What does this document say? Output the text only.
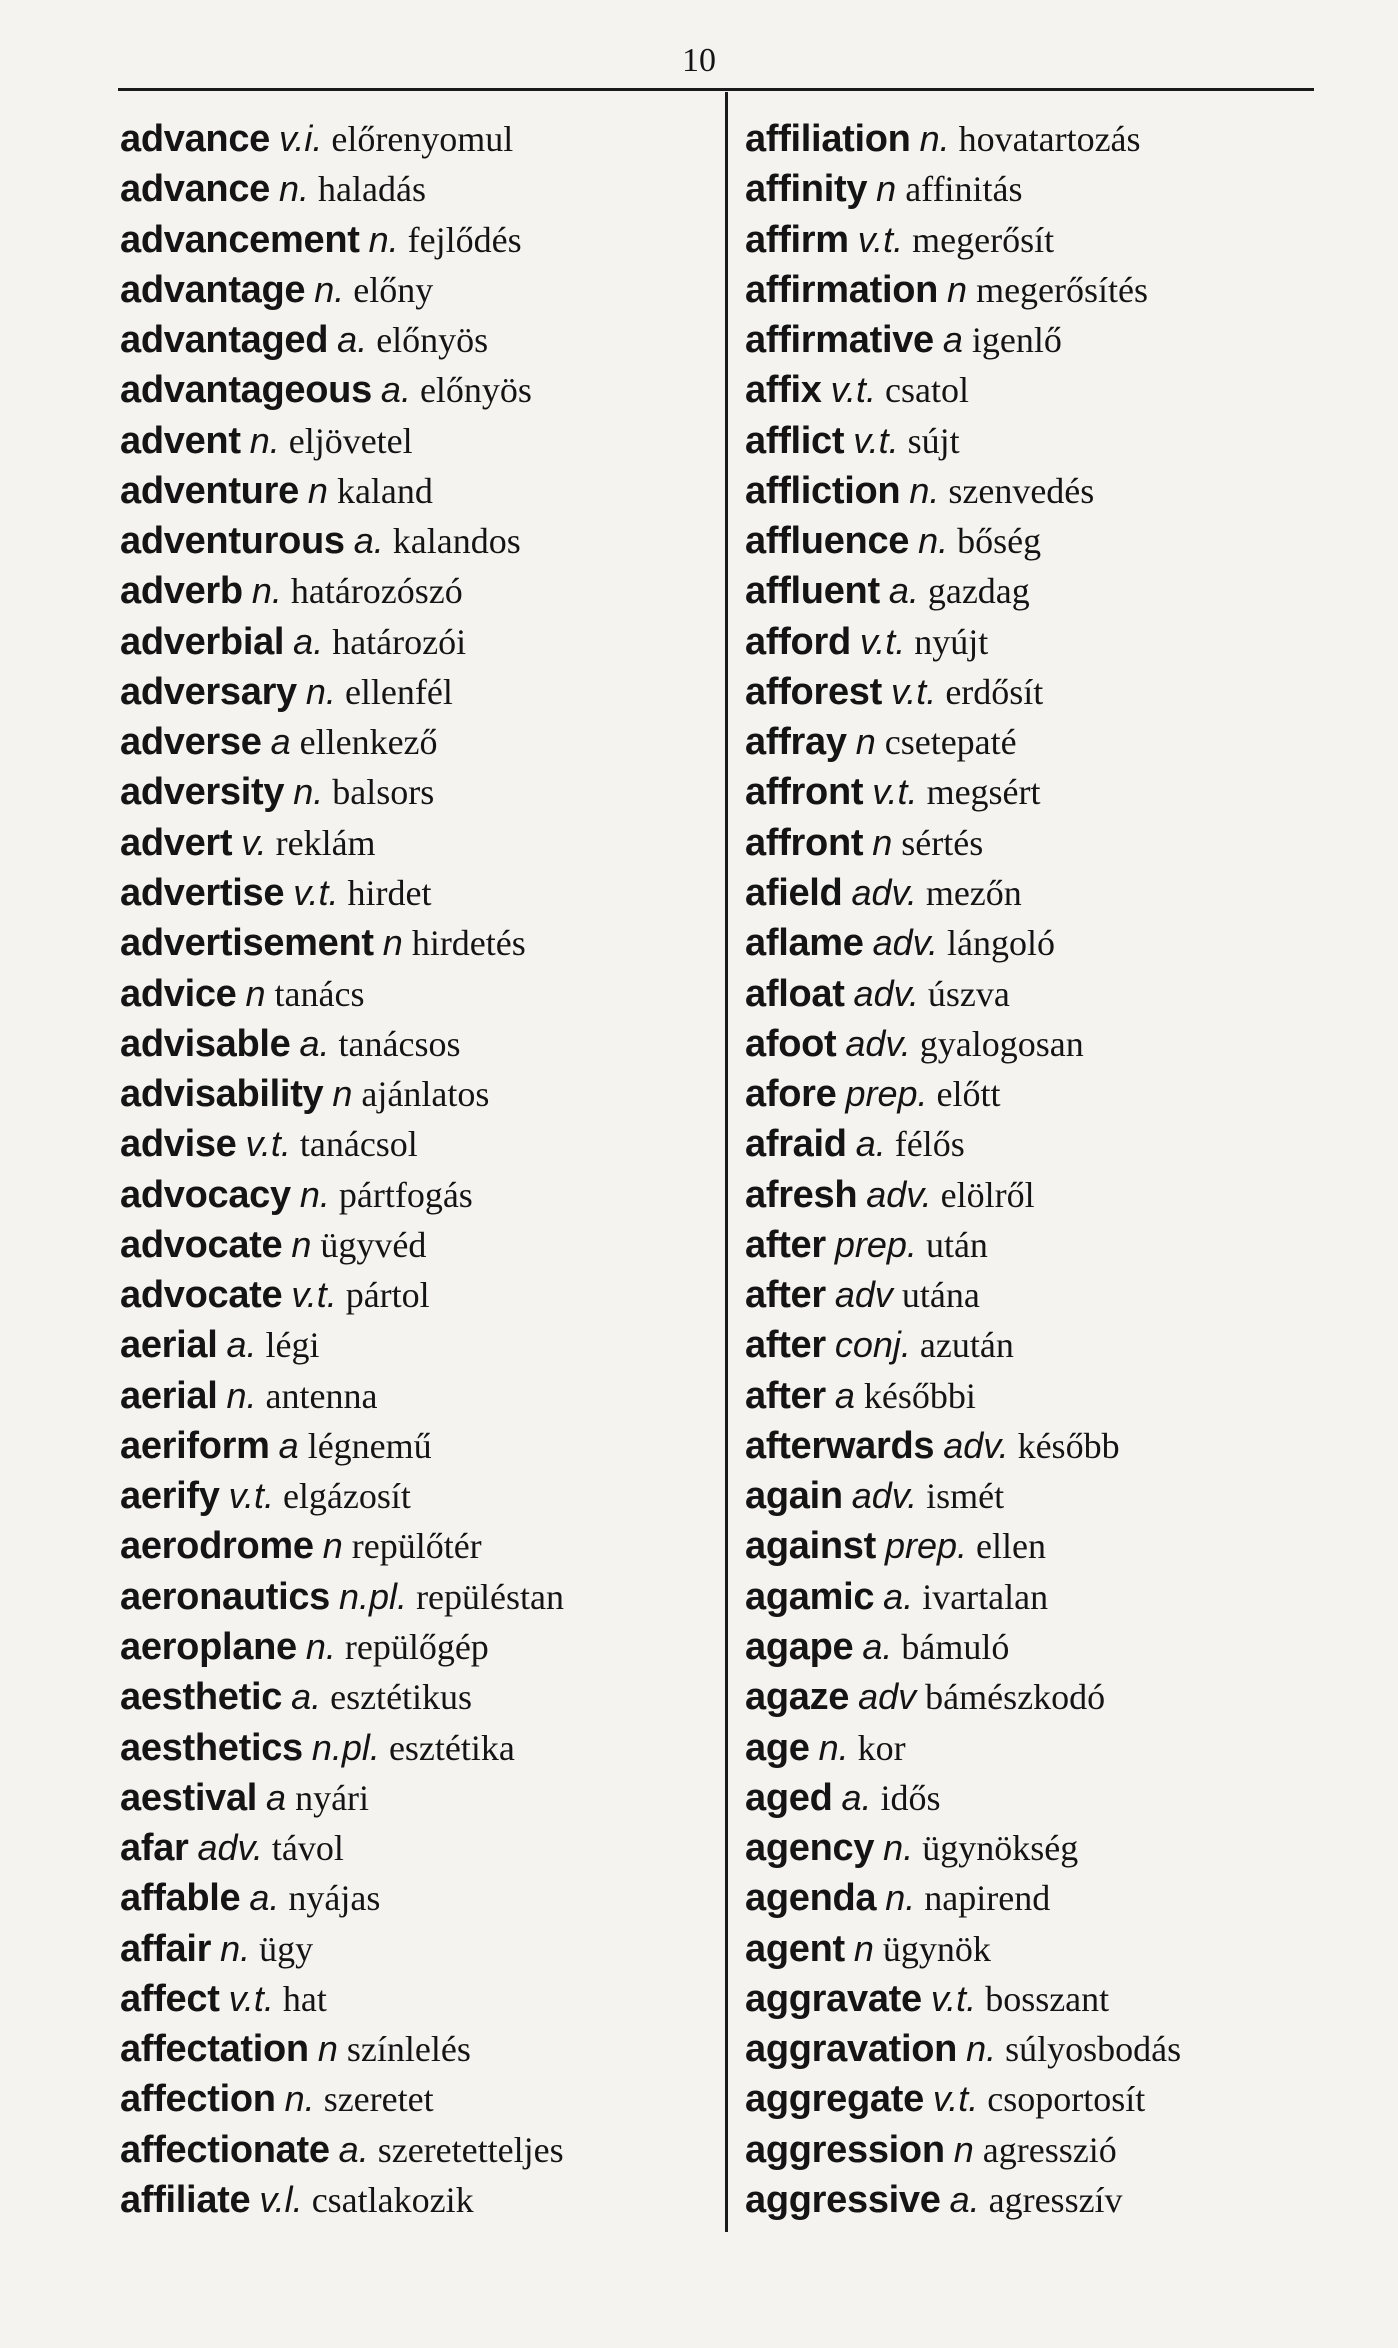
10
advance v.i. előrenyomul
advance n. haladás
advancement n. fejlődés
advantage n. előny
advantaged a. előnyös
advantageous a. előnyös
advent n. eljövetel
adventure n kaland
adventurous a. kalandos
adverb n. határozószó
adverbial a. határozói
adversary n. ellenfél
adverse a ellenkező
adversity n. balsors
advert v. reklám
advertise v.t. hirdet
advertisement n hirdetés
advice n tanács
advisable a. tanácsos
advisability n ajánlatos
advise v.t. tanácsol
advocacy n. pártfogás
advocate n ügyvéd
advocate v.t. pártol
aerial a. légi
aerial n. antenna
aeriform a légnemű
aerify v.t. elgázosít
aerodrome n repülőtér
aeronautics n.pl. repüléstan
aeroplane n. repülőgép
aesthetic a. esztétikus
aesthetics n.pl. esztétika
aestival a nyári
afar adv. távol
affable a. nyájas
affair n. ügy
affect v.t. hat
affectation n színlelés
affection n. szeretet
affectionate a. szeretetteljes
affiliate v.l. csatlakozik
affiliation n. hovatartozás
affinity n affinitás
affirm v.t. megerősít
affirmation n megerősítés
affirmative a igenlő
affix v.t. csatol
afflict v.t. sújt
affliction n. szenvedés
affluence n. bőség
affluent a. gazdag
afford v.t. nyújt
afforest v.t. erdősít
affray n csetepaté
affront v.t. megsért
affront n sértés
afield adv. mezőn
aflame adv. lángoló
afloat adv. úszva
afoot adv. gyalogosan
afore prep. előtt
afraid a. félős
afresh adv. elölről
after prep. után
after adv utána
after conj. azután
after a későbbi
afterwards adv. később
again adv. ismét
against prep. ellen
agamic a. ivartalan
agape a. bámuló
agaze adv bámészkodó
age n. kor
aged a. idős
agency n. ügynökség
agenda n. napirend
agent n ügynök
aggravate v.t. bosszant
aggravation n. súlyosbodás
aggregate v.t. csoportosít
aggression n agresszió
aggressive a. agresszív
